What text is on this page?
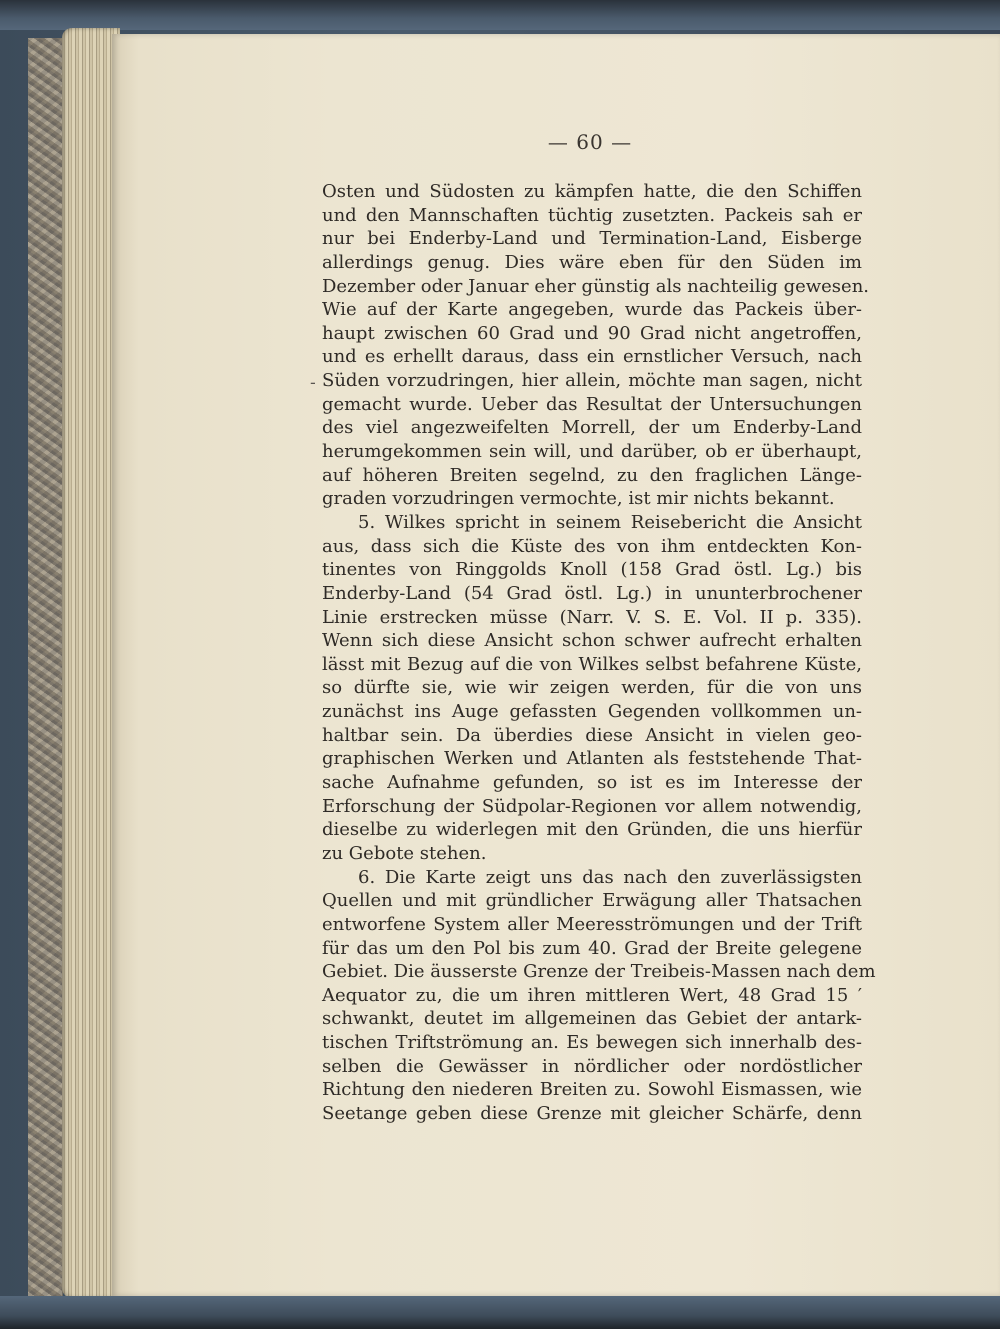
— 60 —
-
Osten und Südosten zu kämpfen hatte, die den Schiffen
und den Mannschaften tüchtig zusetzten. Packeis sah er
nur bei Enderby-Land und Termination-Land, Eisberge
allerdings genug. Dies wäre eben für den Süden im
Dezember oder Januar eher günstig als nachteilig gewesen.
Wie auf der Karte angegeben, wurde das Packeis über-
haupt zwischen 60 Grad und 90 Grad nicht angetroffen,
und es erhellt daraus, dass ein ernstlicher Versuch, nach
Süden vorzudringen, hier allein, möchte man sagen, nicht
gemacht wurde. Ueber das Resultat der Untersuchungen
des viel angezweifelten Morrell, der um Enderby-Land
herumgekommen sein will, und darüber, ob er überhaupt,
auf höheren Breiten segelnd, zu den fraglichen Länge-
graden vorzudringen vermochte, ist mir nichts bekannt.
5. Wilkes spricht in seinem Reisebericht die Ansicht
aus, dass sich die Küste des von ihm entdeckten Kon-
tinentes von Ringgolds Knoll (158 Grad östl. Lg.) bis
Enderby-Land (54 Grad östl. Lg.) in ununterbrochener
Linie erstrecken müsse (Narr. V. S. E. Vol. II p. 335).
Wenn sich diese Ansicht schon schwer aufrecht erhalten
lässt mit Bezug auf die von Wilkes selbst befahrene Küste,
so dürfte sie, wie wir zeigen werden, für die von uns
zunächst ins Auge gefassten Gegenden vollkommen un-
haltbar sein. Da überdies diese Ansicht in vielen geo-
graphischen Werken und Atlanten als feststehende That-
sache Aufnahme gefunden, so ist es im Interesse der
Erforschung der Südpolar-Regionen vor allem notwendig,
dieselbe zu widerlegen mit den Gründen, die uns hierfür
zu Gebote stehen.
6. Die Karte zeigt uns das nach den zuverlässigsten
Quellen und mit gründlicher Erwägung aller Thatsachen
entworfene System aller Meeresströmungen und der Trift
für das um den Pol bis zum 40. Grad der Breite gelegene
Gebiet. Die äusserste Grenze der Treibeis-Massen nach dem
Aequator zu, die um ihren mittleren Wert, 48 Grad 15 ′
schwankt, deutet im allgemeinen das Gebiet der antark-
tischen Triftströmung an. Es bewegen sich innerhalb des-
selben die Gewässer in nördlicher oder nordöstlicher
Richtung den niederen Breiten zu. Sowohl Eismassen, wie
Seetange geben diese Grenze mit gleicher Schärfe, denn
